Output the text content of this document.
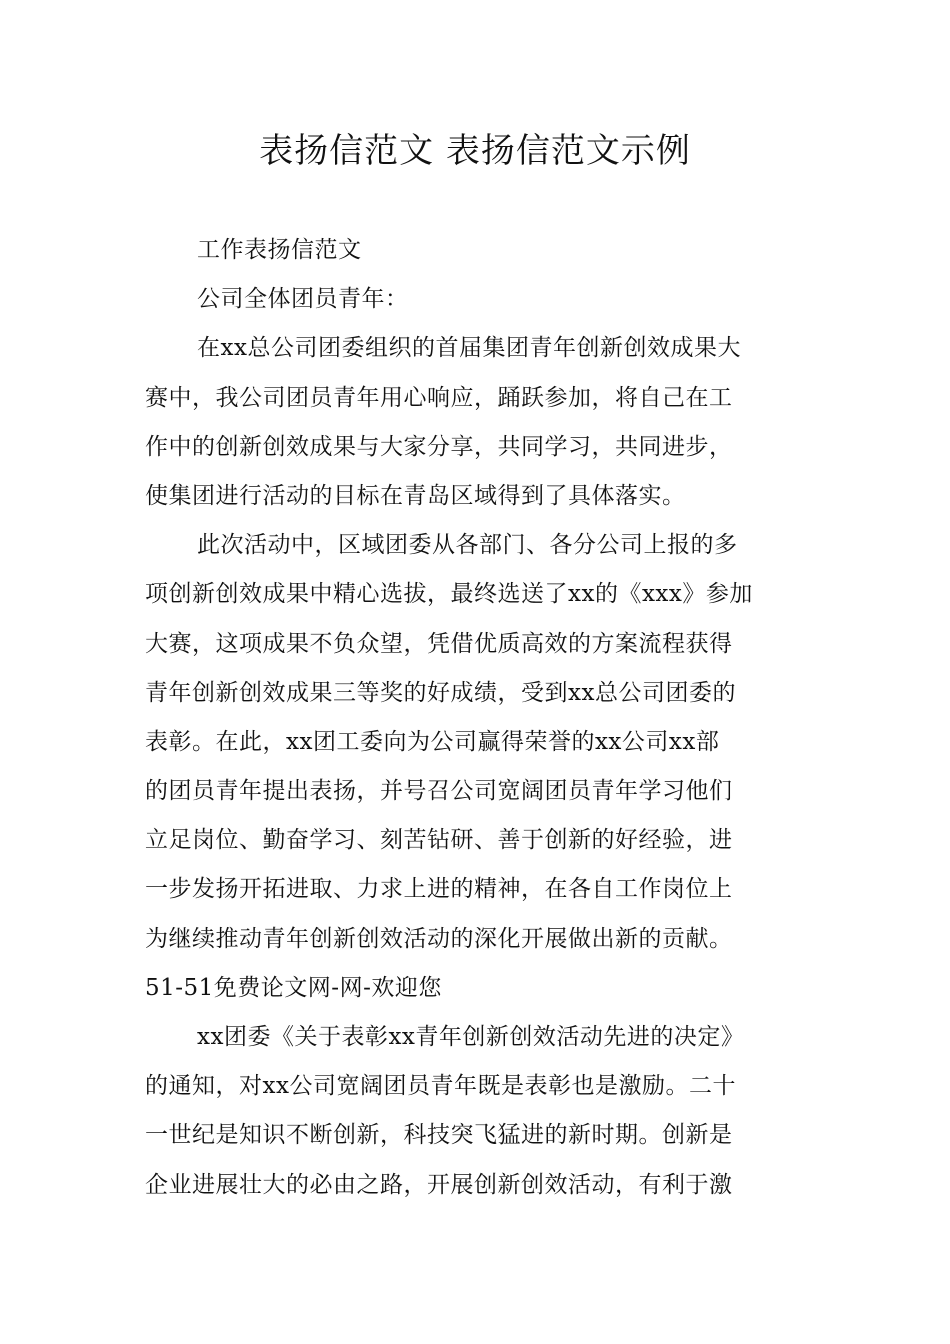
表扬信范文 表扬信范文示例
工作表扬信范文
公司全体团员青年：
在xx总公司团委组织的首届集团青年创新创效成果大
赛中，我公司团员青年用心响应，踊跃参加，将自己在工
作中的创新创效成果与大家分享，共同学习，共同进步，
使集团进行活动的目标在青岛区域得到了具体落实。
此次活动中，区域团委从各部门、各分公司上报的多
项创新创效成果中精心选拔，最终选送了xx的《xxx》参加
大赛，这项成果不负众望，凭借优质高效的方案流程获得
青年创新创效成果三等奖的好成绩，受到xx总公司团委的
表彰。在此，xx团工委向为公司赢得荣誉的xx公司xx部
的团员青年提出表扬，并号召公司宽阔团员青年学习他们
立足岗位、勤奋学习、刻苦钻研、善于创新的好经验，进
一步发扬开拓进取、力求上进的精神，在各自工作岗位上
为继续推动青年创新创效活动的深化开展做出新的贡献。
51-51免费论文网-网-欢迎您
xx团委《关于表彰xx青年创新创效活动先进的决定》
的通知，对xx公司宽阔团员青年既是表彰也是激励。二十
一世纪是知识不断创新，科技突飞猛进的新时期。创新是
企业进展壮大的必由之路，开展创新创效活动，有利于激
